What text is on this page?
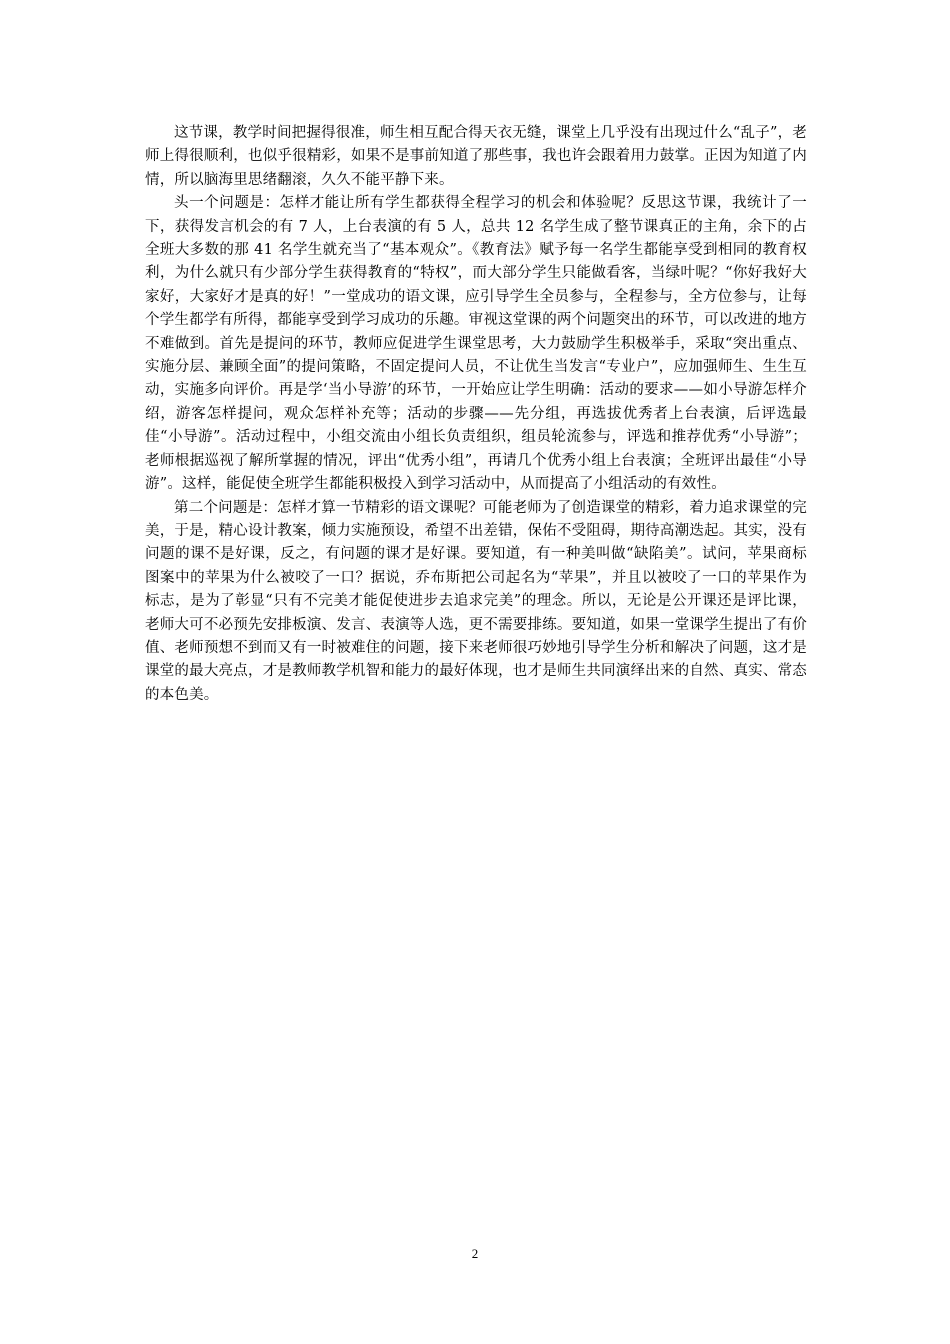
这节课，教学时间把握得很准，师生相互配合得天衣无缝，课堂上几乎没有出现过什么“乱子”，老师上得很顺利，也似乎很精彩，如果不是事前知道了那些事，我也许会跟着用力鼓掌。正因为知道了内情，所以脑海里思绪翻滚，久久不能平静下来。

头一个问题是：怎样才能让所有学生都获得全程学习的机会和体验呢？反思这节课，我统计了一下，获得发言机会的有 7 人，上台表演的有 5 人，总共 12 名学生成了整节课真正的主角，余下的占全班大多数的那 41 名学生就充当了“基本观众”。《教育法》赋予每一名学生都能享受到相同的教育权利，为什么就只有少部分学生获得教育的“特权”，而大部分学生只能做看客，当绿叶呢？“你好我好大家好，大家好才是真的好！”一堂成功的语文课，应引导学生全员参与，全程参与，全方位参与，让每个学生都学有所得，都能享受到学习成功的乐趣。审视这堂课的两个问题突出的环节，可以改进的地方不难做到。首先是提问的环节，教师应促进学生课堂思考，大力鼓励学生积极举手，采取“突出重点、实施分层、兼顾全面”的提问策略，不固定提问人员，不让优生当发言“专业户”，应加强师生、生生互动，实施多向评价。再是学‘当小导游’的环节，一开始应让学生明确：活动的要求——如小导游怎样介绍，游客怎样提问，观众怎样补充等；活动的步骤——先分组，再选拔优秀者上台表演，后评选最佳“小导游”。活动过程中，小组交流由小组长负责组织，组员轮流参与，评选和推荐优秀“小导游”；老师根据巡视了解所掌握的情况，评出“优秀小组”，再请几个优秀小组上台表演；全班评出最佳“小导游”。这样，能促使全班学生都能积极投入到学习活动中，从而提高了小组活动的有效性。

第二个问题是：怎样才算一节精彩的语文课呢？可能老师为了创造课堂的精彩，着力追求课堂的完美，于是，精心设计教案，倾力实施预设，希望不出差错，保佑不受阻碍，期待高潮迭起。其实，没有问题的课不是好课，反之，有问题的课才是好课。要知道，有一种美叫做“缺陷美”。试问，苹果商标图案中的苹果为什么被咬了一口？据说，乔布斯把公司起名为“苹果”，并且以被咬了一口的苹果作为标志，是为了彰显“只有不完美才能促使进步去追求完美”的理念。所以，无论是公开课还是评比课，老师大可不必预先安排板演、发言、表演等人选，更不需要排练。要知道，如果一堂课学生提出了有价值、老师预想不到而又有一时被难住的问题，接下来老师很巧妙地引导学生分析和解决了问题，这才是课堂的最大亮点，才是教师教学机智和能力的最好体现，也才是师生共同演绎出来的自然、真实、常态的本色美。

2
